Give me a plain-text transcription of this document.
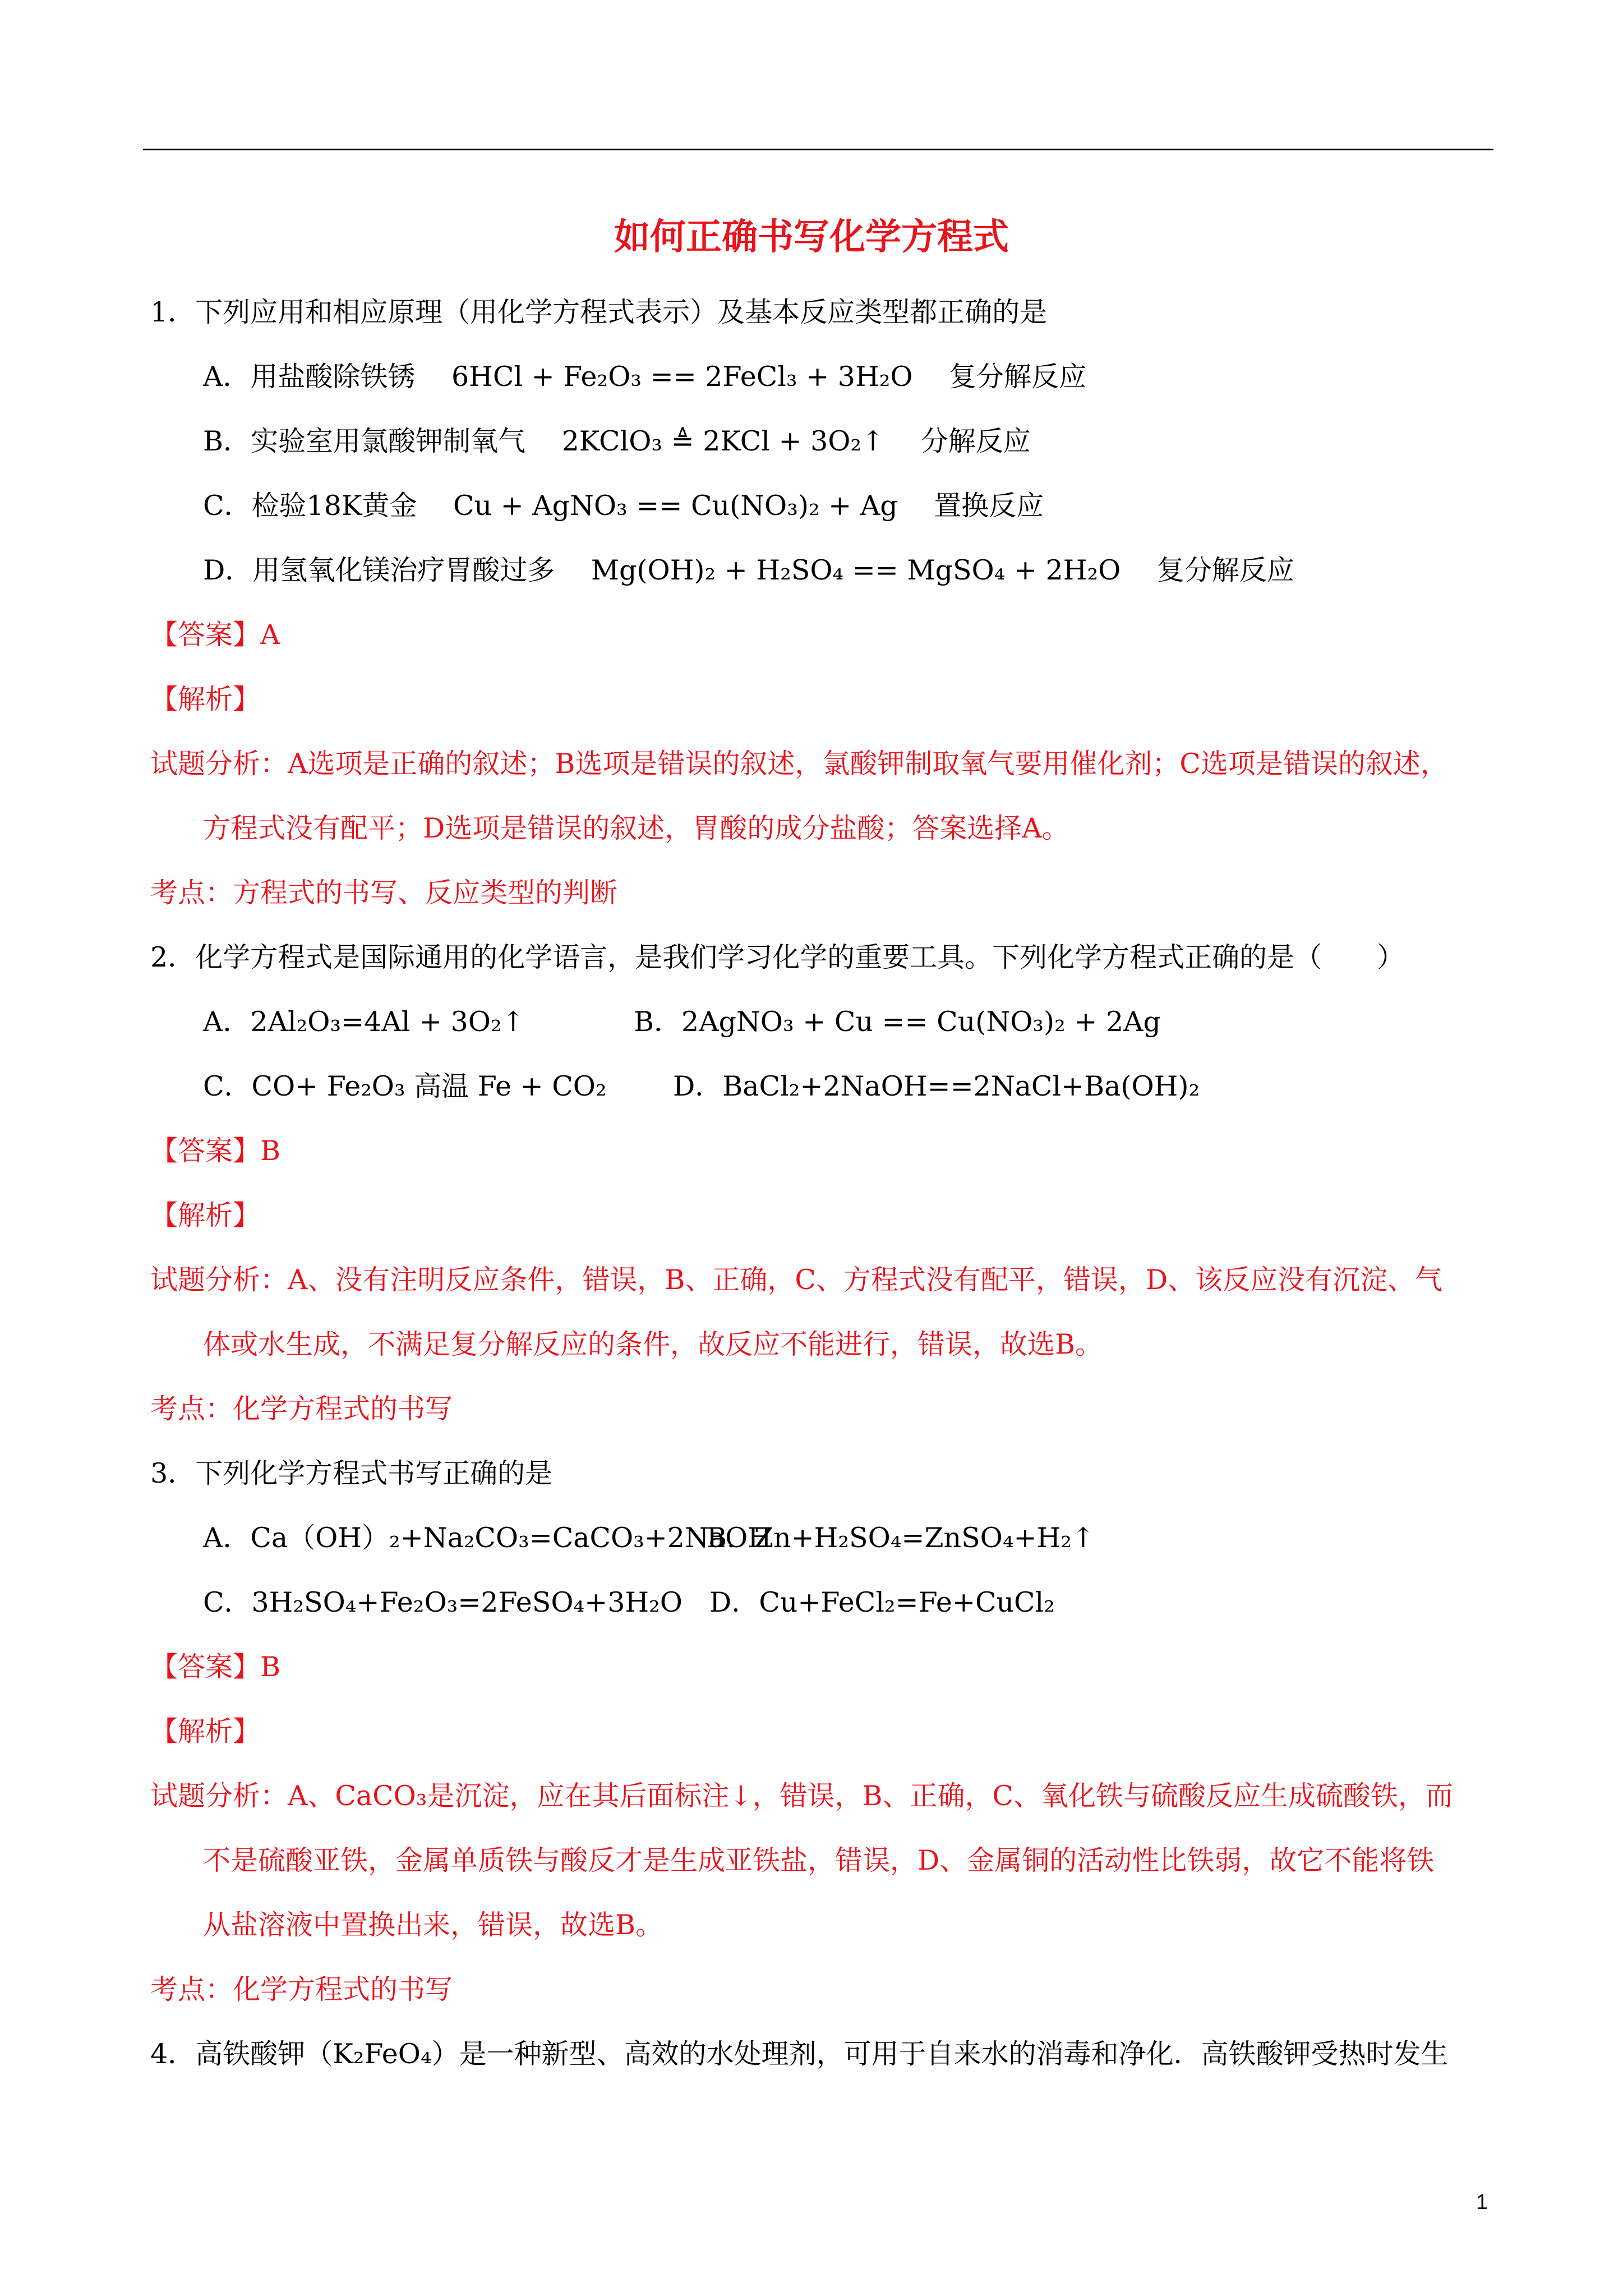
如何正确书写化学方程式
1．下列应用和相应原理（用化学方程式表示）及基本反应类型都正确的是
A．用盐酸除铁锈　 6HCl + Fe₂O₃ == 2FeCl₃ + 3H₂O　 复分解反应
B．实验室用氯酸钾制氧气　 2KClO₃ ≜ 2KCl + 3O₂↑　 分解反应
C．检验18K黄金　 Cu + AgNO₃ == Cu(NO₃)₂ + Ag　 置换反应
D．用氢氧化镁治疗胃酸过多　 Mg(OH)₂ + H₂SO₄ == MgSO₄ + 2H₂O　 复分解反应
【答案】A
【解析】
试题分析：A选项是正确的叙述；B选项是错误的叙述，氯酸钾制取氧气要用催化剂；C选项是错误的叙述，
方程式没有配平；D选项是错误的叙述，胃酸的成分盐酸；答案选择A。
考点：方程式的书写、反应类型的判断
2．化学方程式是国际通用的化学语言，是我们学习化学的重要工具。下列化学方程式正确的是（　　）
A．2Al₂O₃=4Al + 3O₂↑	B．2AgNO₃ + Cu == Cu(NO₃)₂ + 2Ag
C．CO+ Fe₂O₃ 高温 Fe + CO₂ D．BaCl₂+2NaOH==2NaCl+Ba(OH)₂
【答案】B
【解析】
试题分析：A、没有注明反应条件，错误，B、正确，C、方程式没有配平，错误，D、该反应没有沉淀、气
体或水生成，不满足复分解反应的条件，故反应不能进行，错误，故选B。
考点：化学方程式的书写
3．下列化学方程式书写正确的是
A．Ca（OH）₂+Na₂CO₃=CaCO₃+2NaOH
B．Zn+H₂SO₄=ZnSO₄+H₂↑
C．3H₂SO₄+Fe₂O₃=2FeSO₄+3H₂O D．Cu+FeCl₂=Fe+CuCl₂
【答案】B
【解析】
试题分析：A、CaCO₃是沉淀，应在其后面标注↓，错误，B、正确，C、氧化铁与硫酸反应生成硫酸铁，而
不是硫酸亚铁，金属单质铁与酸反才是生成亚铁盐，错误，D、金属铜的活动性比铁弱，故它不能将铁
从盐溶液中置换出来，错误，故选B。
考点：化学方程式的书写
4．高铁酸钾（K₂FeO₄）是一种新型、高效的水处理剂，可用于自来水的消毒和净化．高铁酸钾受热时发生
1
